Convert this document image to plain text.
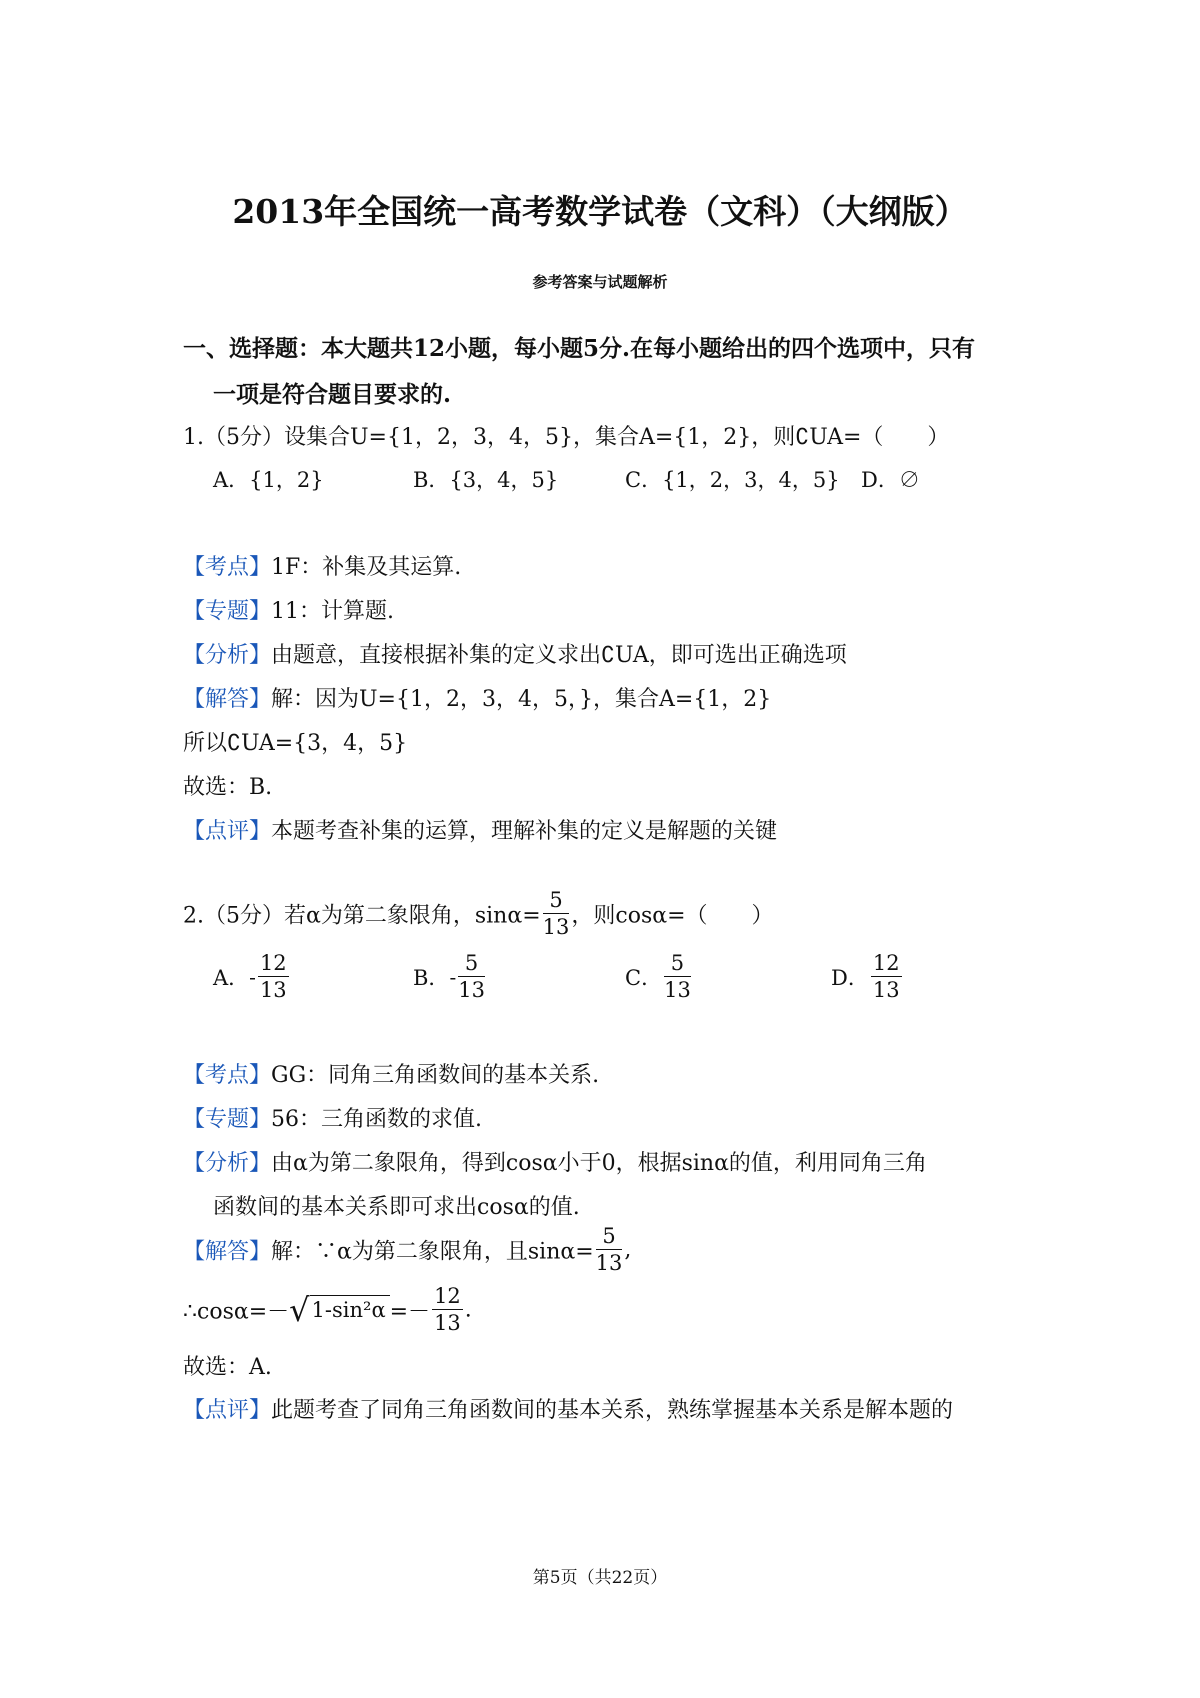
2013年全国统一高考数学试卷（文科）（大纲版）
参考答案与试题解析
一、选择题：本大题共12小题，每小题5分.在每小题给出的四个选项中，只有
一项是符合题目要求的.
1.（5分）设集合U={1，2，3，4，5}，集合A={1，2}，则∁UA=（　　）
A．{1，2}	B．{3，4，5}	C．{1，2，3，4，5} D．∅
【考点】1F：补集及其运算.
【专题】11：计算题.
【分析】由题意，直接根据补集的定义求出∁UA，即可选出正确选项
【解答】解：因为U={1，2，3，4，5，}，集合A={1，2}
所以∁UA={3，4，5}
故选：B.
【点评】本题考查补集的运算，理解补集的定义是解题的关键
2.（5分）若α为第二象限角，$\sin\alpha= \frac{5}{13}$ ，则cosα=（　　）
A．- $\frac{12}{13}$	B．- $\frac{5}{13}$	C． $\frac{5}{13}$	D． $\frac{12}{13}$
【考点】GG：同角三角函数间的基本关系.
【专题】56：三角函数的求值.
【分析】由α为第二象限角，得到cosα小于0，根据sinα的值，利用同角三角
函数间的基本关系即可求出cosα的值.
【解答】解：∵α为第二象限角，且$\sin\alpha= \frac{5}{13}$ ,
∴cosα=－√1-sin²α =－ $\frac{12}{13}$ .
故选：A.
【点评】此题考查了同角三角函数间的基本关系，熟练掌握基本关系是解本题的
第5页（共22页）
